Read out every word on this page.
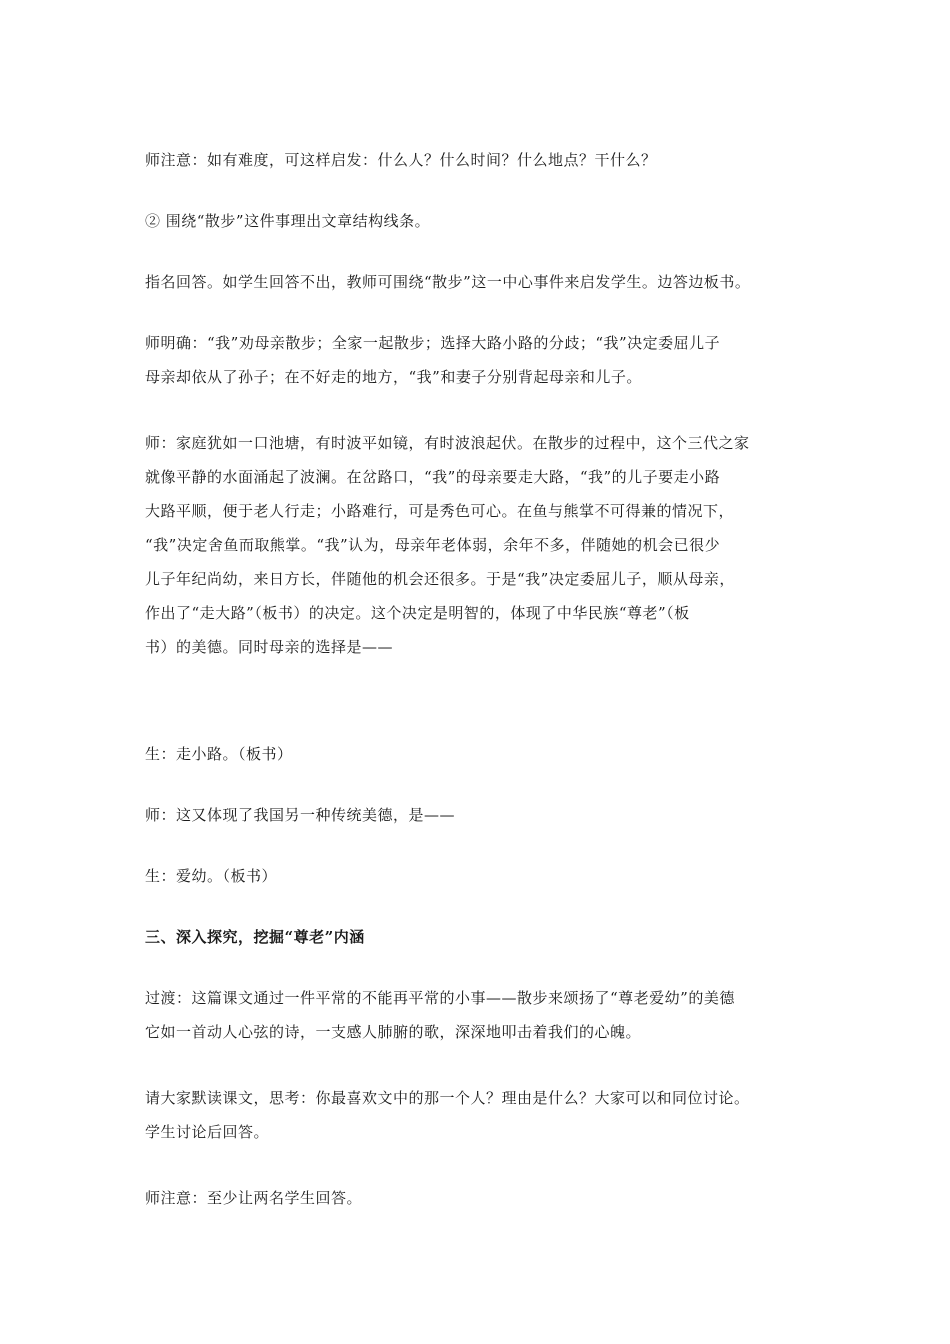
师注意：如有难度，可这样启发：什么人？什么时间？什么地点？干什么？
② 围绕“散步”这件事理出文章结构线条。
指名回答。如学生回答不出，教师可围绕“散步”这一中心事件来启发学生。边答边板书。
师明确：“我”劝母亲散步；全家一起散步；选择大路小路的分歧；“我”决定委屈儿子
母亲却依从了孙子；在不好走的地方，“我”和妻子分别背起母亲和儿子。
师：家庭犹如一口池塘，有时波平如镜，有时波浪起伏。在散步的过程中，这个三代之家
就像平静的水面涌起了波澜。在岔路口，“我”的母亲要走大路，“我”的儿子要走小路
大路平顺，便于老人行走；小路难行，可是秀色可心。在鱼与熊掌不可得兼的情况下，
“我”决定舍鱼而取熊掌。“我”认为，母亲年老体弱，余年不多，伴随她的机会已很少
儿子年纪尚幼，来日方长，伴随他的机会还很多。于是“我”决定委屈儿子，顺从母亲，
作出了“走大路”（板书）的决定。这个决定是明智的，体现了中华民族“尊老”（板
书）的美德。同时母亲的选择是——
生：走小路。（板书）
师：这又体现了我国另一种传统美德，是——
生：爱幼。（板书）
三、深入探究，挖掘“尊老”内涵
过渡：这篇课文通过一件平常的不能再平常的小事——散步来颂扬了“尊老爱幼”的美德
它如一首动人心弦的诗，一支感人肺腑的歌，深深地叩击着我们的心魄。
请大家默读课文，思考：你最喜欢文中的那一个人？理由是什么？大家可以和同位讨论。
学生讨论后回答。
师注意：至少让两名学生回答。
